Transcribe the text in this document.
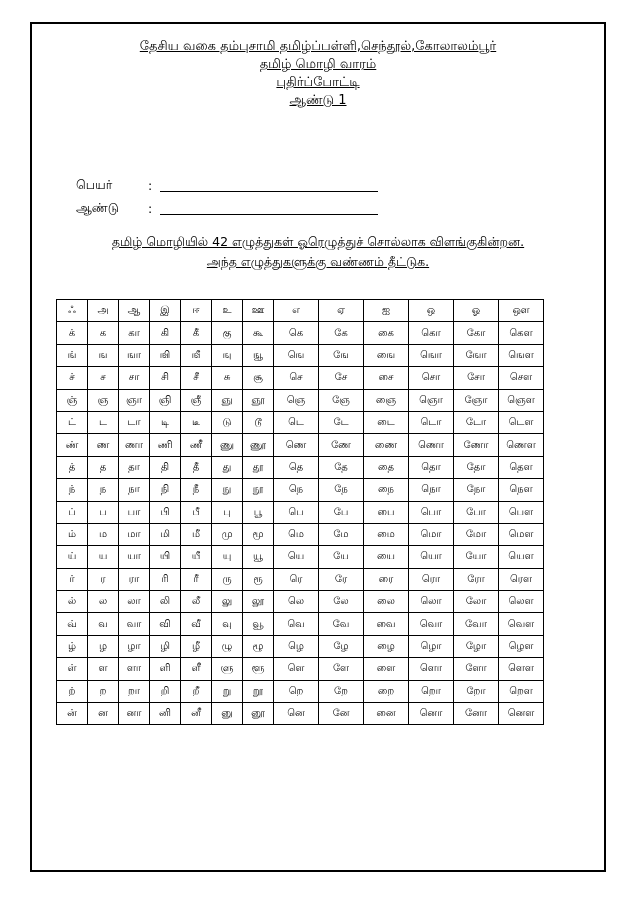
தேசிய வகை தம்புசாமி தமிழ்ப்பள்ளி,செந்தூல்,கோலாலம்பூர்
தமிழ் மொழி வாரம்
புதிர்ப்போட்டி
ஆண்டு 1
பெயர்	:
ஆண்டு	:
தமிழ் மொழியில் 42 எழுத்துகள் ஓரெழுத்துச் சொல்லாக விளங்குகின்றன.
அந்த எழுத்துகளுக்கு வண்ணம் தீட்டுக.
ஃ	அ	ஆ	இ	ஈ	உ	ஊ	எ	ஏ	ஐ	ஒ	ஓ	ஔ
க்	க	கா	கி	கீ	கு	கூ	கெ	கே	கை	கொ	கோ	கௌ
ங்	ங	ஙா	ஙி	ஙீ	ஙு	ஙூ	ஙெ	ஙே	ஙை	ஙொ	ஙோ	ஙௌ
ச்	ச	சா	சி	சீ	சு	சூ	செ	சே	சை	சொ	சோ	சௌ
ஞ்	ஞ	ஞா	ஞி	ஞீ	ஞு	ஞூ	ஞெ	ஞே	ஞை	ஞொ	ஞோ	ஞௌ
ட்	ட	டா	டி	டீ	டு	டூ	டெ	டே	டை	டொ	டோ	டௌ
ண்	ண	ணா	ணி	ணீ	ணு	ணூ	ணெ	ணே	ணை	ணொ	ணோ	ணௌ
த்	த	தா	தி	தீ	து	தூ	தெ	தே	தை	தொ	தோ	தௌ
ந்	ந	நா	நி	நீ	நு	நூ	நெ	நே	நை	நொ	நோ	நௌ
ப்	ப	பா	பி	பீ	பு	பூ	பெ	பே	பை	பொ	போ	பௌ
ம்	ம	மா	மி	மீ	மு	மூ	மெ	மே	மை	மொ	மோ	மௌ
ய்	ய	யா	யி	யீ	யு	யூ	யெ	யே	யை	யொ	யோ	யௌ
ர்	ர	ரா	ரி	ரீ	ரு	ரூ	ரெ	ரே	ரை	ரொ	ரோ	ரௌ
ல்	ல	லா	லி	லீ	லு	லூ	லெ	லே	லை	லொ	லோ	லௌ
வ்	வ	வா	வி	வீ	வு	வூ	வெ	வே	வை	வொ	வோ	வௌ
ழ்	ழ	ழா	ழி	ழீ	ழு	ழூ	ழெ	ழே	ழை	ழொ	ழோ	ழௌ
ள்	ள	ளா	ளி	ளீ	ளு	ளூ	ளெ	ளே	ளை	ளொ	ளோ	ளௌ
ற்	ற	றா	றி	றீ	று	றூ	றெ	றே	றை	றொ	றோ	றௌ
ன்	ன	னா	னி	னீ	னு	னூ	னெ	னே	னை	னொ	னோ	னௌ
